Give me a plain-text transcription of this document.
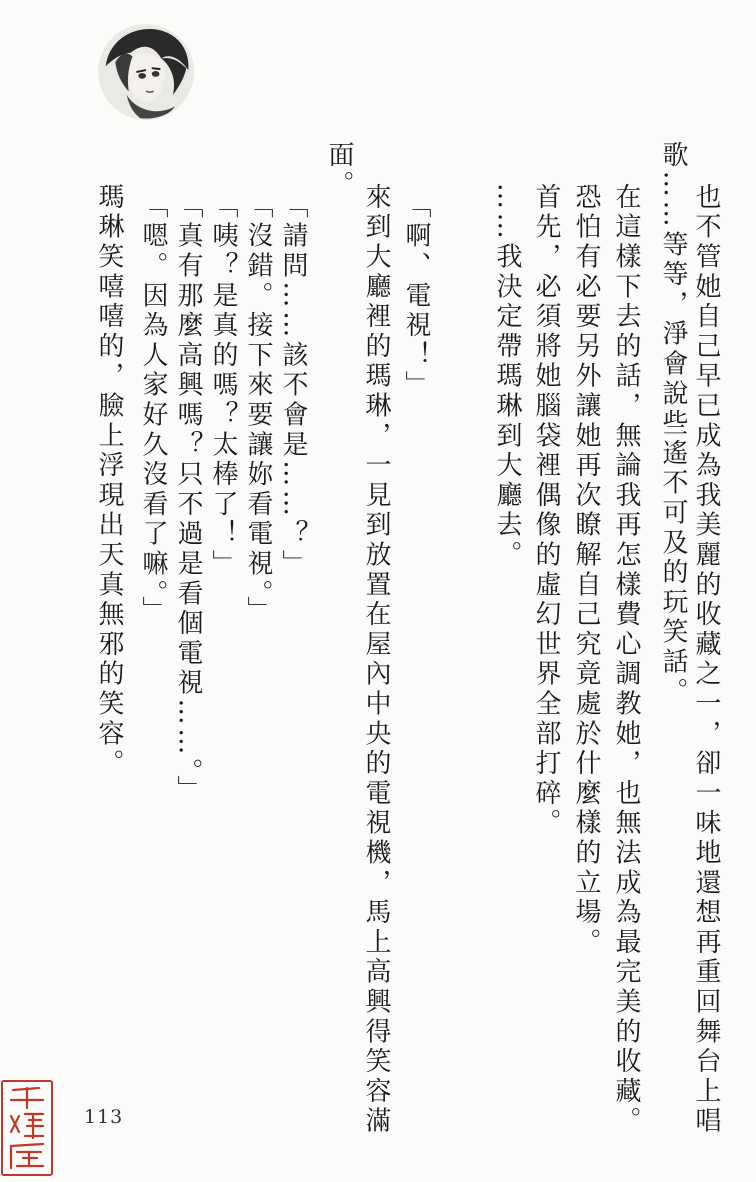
也不管她自己早已成為我美麗的收藏之一，卻一味地還想再重回舞台上唱
歌……等等，淨會說些遙不可及的玩笑話。
在這樣下去的話，無論我再怎樣費心調教她，也無法成為最完美的收藏。
恐怕有必要另外讓她再次瞭解自己究竟處於什麼樣的立場。
首先，必須將她腦袋裡偶像的虛幻世界全部打碎。
……我決定帶瑪琳到大廳去。
「啊、電視！」
來到大廳裡的瑪琳，一見到放置在屋內中央的電視機，馬上高興得笑容滿
面。
「請問……該不會是……？」
「沒錯。接下來要讓妳看電視。」
「咦？是真的嗎？太棒了！」
「真有那麼高興嗎？只不過是看個電視……。」
「嗯。因為人家好久沒看了嘛。」
瑪琳笑嘻嘻的，臉上浮現出天真無邪的笑容。
113
